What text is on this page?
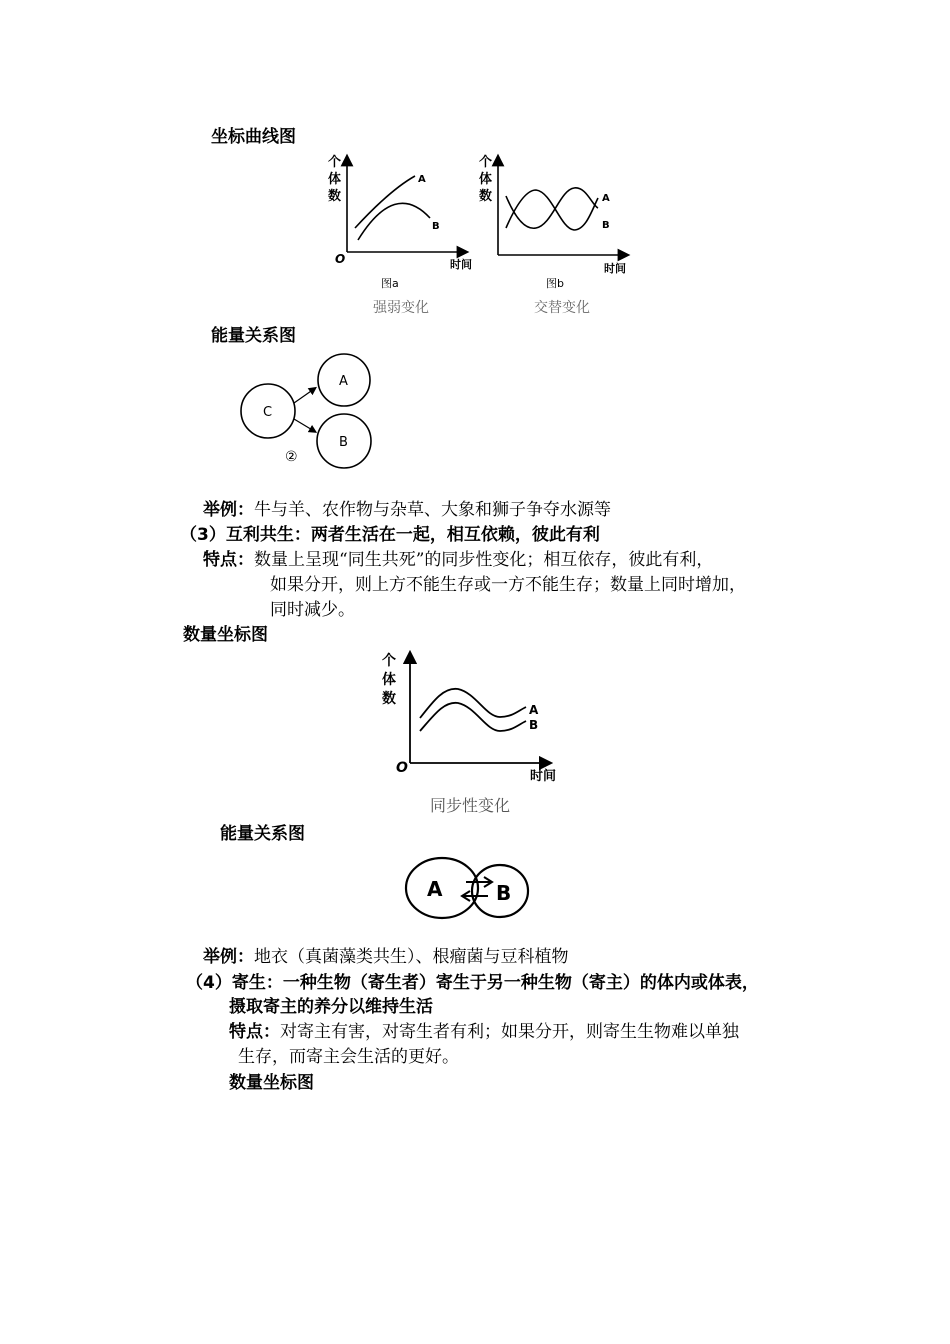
坐标曲线图
个
体
数
O	时间
A
B
图a
强弱变化
个
体
数
时间
A
B
图b
交替变化
能量关系图
C
A
B
②
举例：牛与羊、农作物与杂草、大象和狮子争夺水源等
（3）互利共生：两者生活在一起，相互依赖，彼此有利
特点：数量上呈现“同生共死”的同步性变化；相互依存，彼此有利，
如果分开，则上方不能生存或一方不能生存；数量上同时增加，
同时减少。
数量坐标图
个
体
数
O
时间
A
B
同步性变化
能量关系图
A	B
举例：地衣（真菌藻类共生）、根瘤菌与豆科植物
（4）寄生：一种生物（寄生者）寄生于另一种生物（寄主）的体内或体表，
摄取寄主的养分以维持生活
特点：对寄主有害，对寄生者有利；如果分开，则寄生生物难以单独
生存，而寄主会生活的更好。
数量坐标图
